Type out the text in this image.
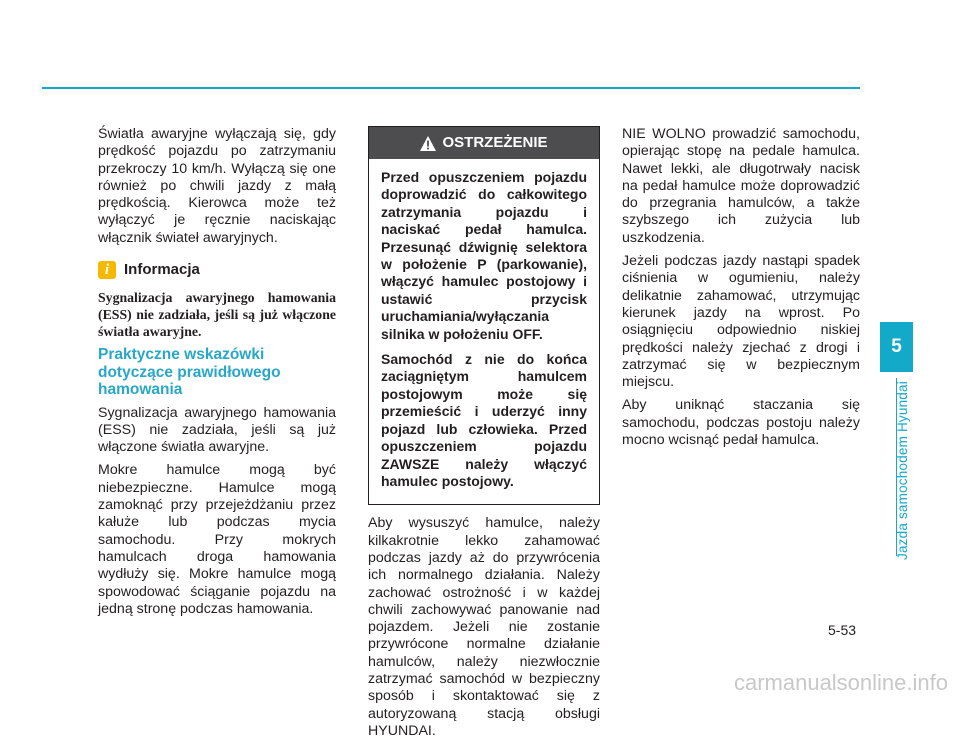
Światła awaryjne wyłączają się, gdy prędkość pojazdu po zatrzymaniu przekroczy 10 km/h. Wyłączą się one również po chwili jazdy z małą prędkością. Kierowca może też wyłączyć je ręcznie naciskając włącznik świateł awaryjnych.

i Informacja

Sygnalizacja awaryjnego hamowania (ESS) nie zadziała, jeśli są już włączone światła awaryjne.

Praktyczne wskazówki dotyczące prawidłowego hamowania

Sygnalizacja awaryjnego hamowania (ESS) nie zadziała, jeśli są już włączone światła awaryjne.

Mokre hamulce mogą być niebezpieczne. Hamulce mogą zamoknąć przy przejeżdżaniu przez kałuże lub podczas mycia samochodu. Przy mokrych hamulcach droga hamowania wydłuży się. Mokre hamulce mogą spowodować ściąganie pojazdu na jedną stronę podczas hamowania.

OSTRZEŻENIE

Przed opuszczeniem pojazdu doprowadzić do całkowitego zatrzymania pojazdu i naciskać pedał hamulca. Przesunąć dźwignię selektora w położenie P (parkowanie), włączyć hamulec postojowy i ustawić przycisk uruchamiania/wyłączania silnika w położeniu OFF.

Samochód z nie do końca zaciągniętym hamulcem postojowym może się przemieścić i uderzyć inny pojazd lub człowieka. Przed opuszczeniem pojazdu ZAWSZE należy włączyć hamulec postojowy.

Aby wysuszyć hamulce, należy kilkakrotnie lekko zahamować podczas jazdy aż do przywrócenia ich normalnego działania. Należy zachować ostrożność i w każdej chwili zachowywać panowanie nad pojazdem. Jeżeli nie zostanie przywrócone normalne działanie hamulców, należy niezwłocznie zatrzymać samochód w bezpieczny sposób i skontaktować się z autoryzowaną stacją obsługi HYUNDAI.

NIE WOLNO prowadzić samochodu, opierając stopę na pedale hamulca. Nawet lekki, ale długotrwały nacisk na pedał hamulce może doprowadzić do przegrania hamulców, a także szybszego ich zużycia lub uszkodzenia.

Jeżeli podczas jazdy nastąpi spadek ciśnienia w ogumieniu, należy delikatnie zahamować, utrzymując kierunek jazdy na wprost. Po osiągnięciu odpowiednio niskiej prędkości należy zjechać z drogi i zatrzymać się w bezpiecznym miejscu.

Aby uniknąć staczania się samochodu, podczas postoju należy mocno wcisnąć pedał hamulca.

5
Jazda samochodem Hyundai
5-53
carmanualsonline.info
